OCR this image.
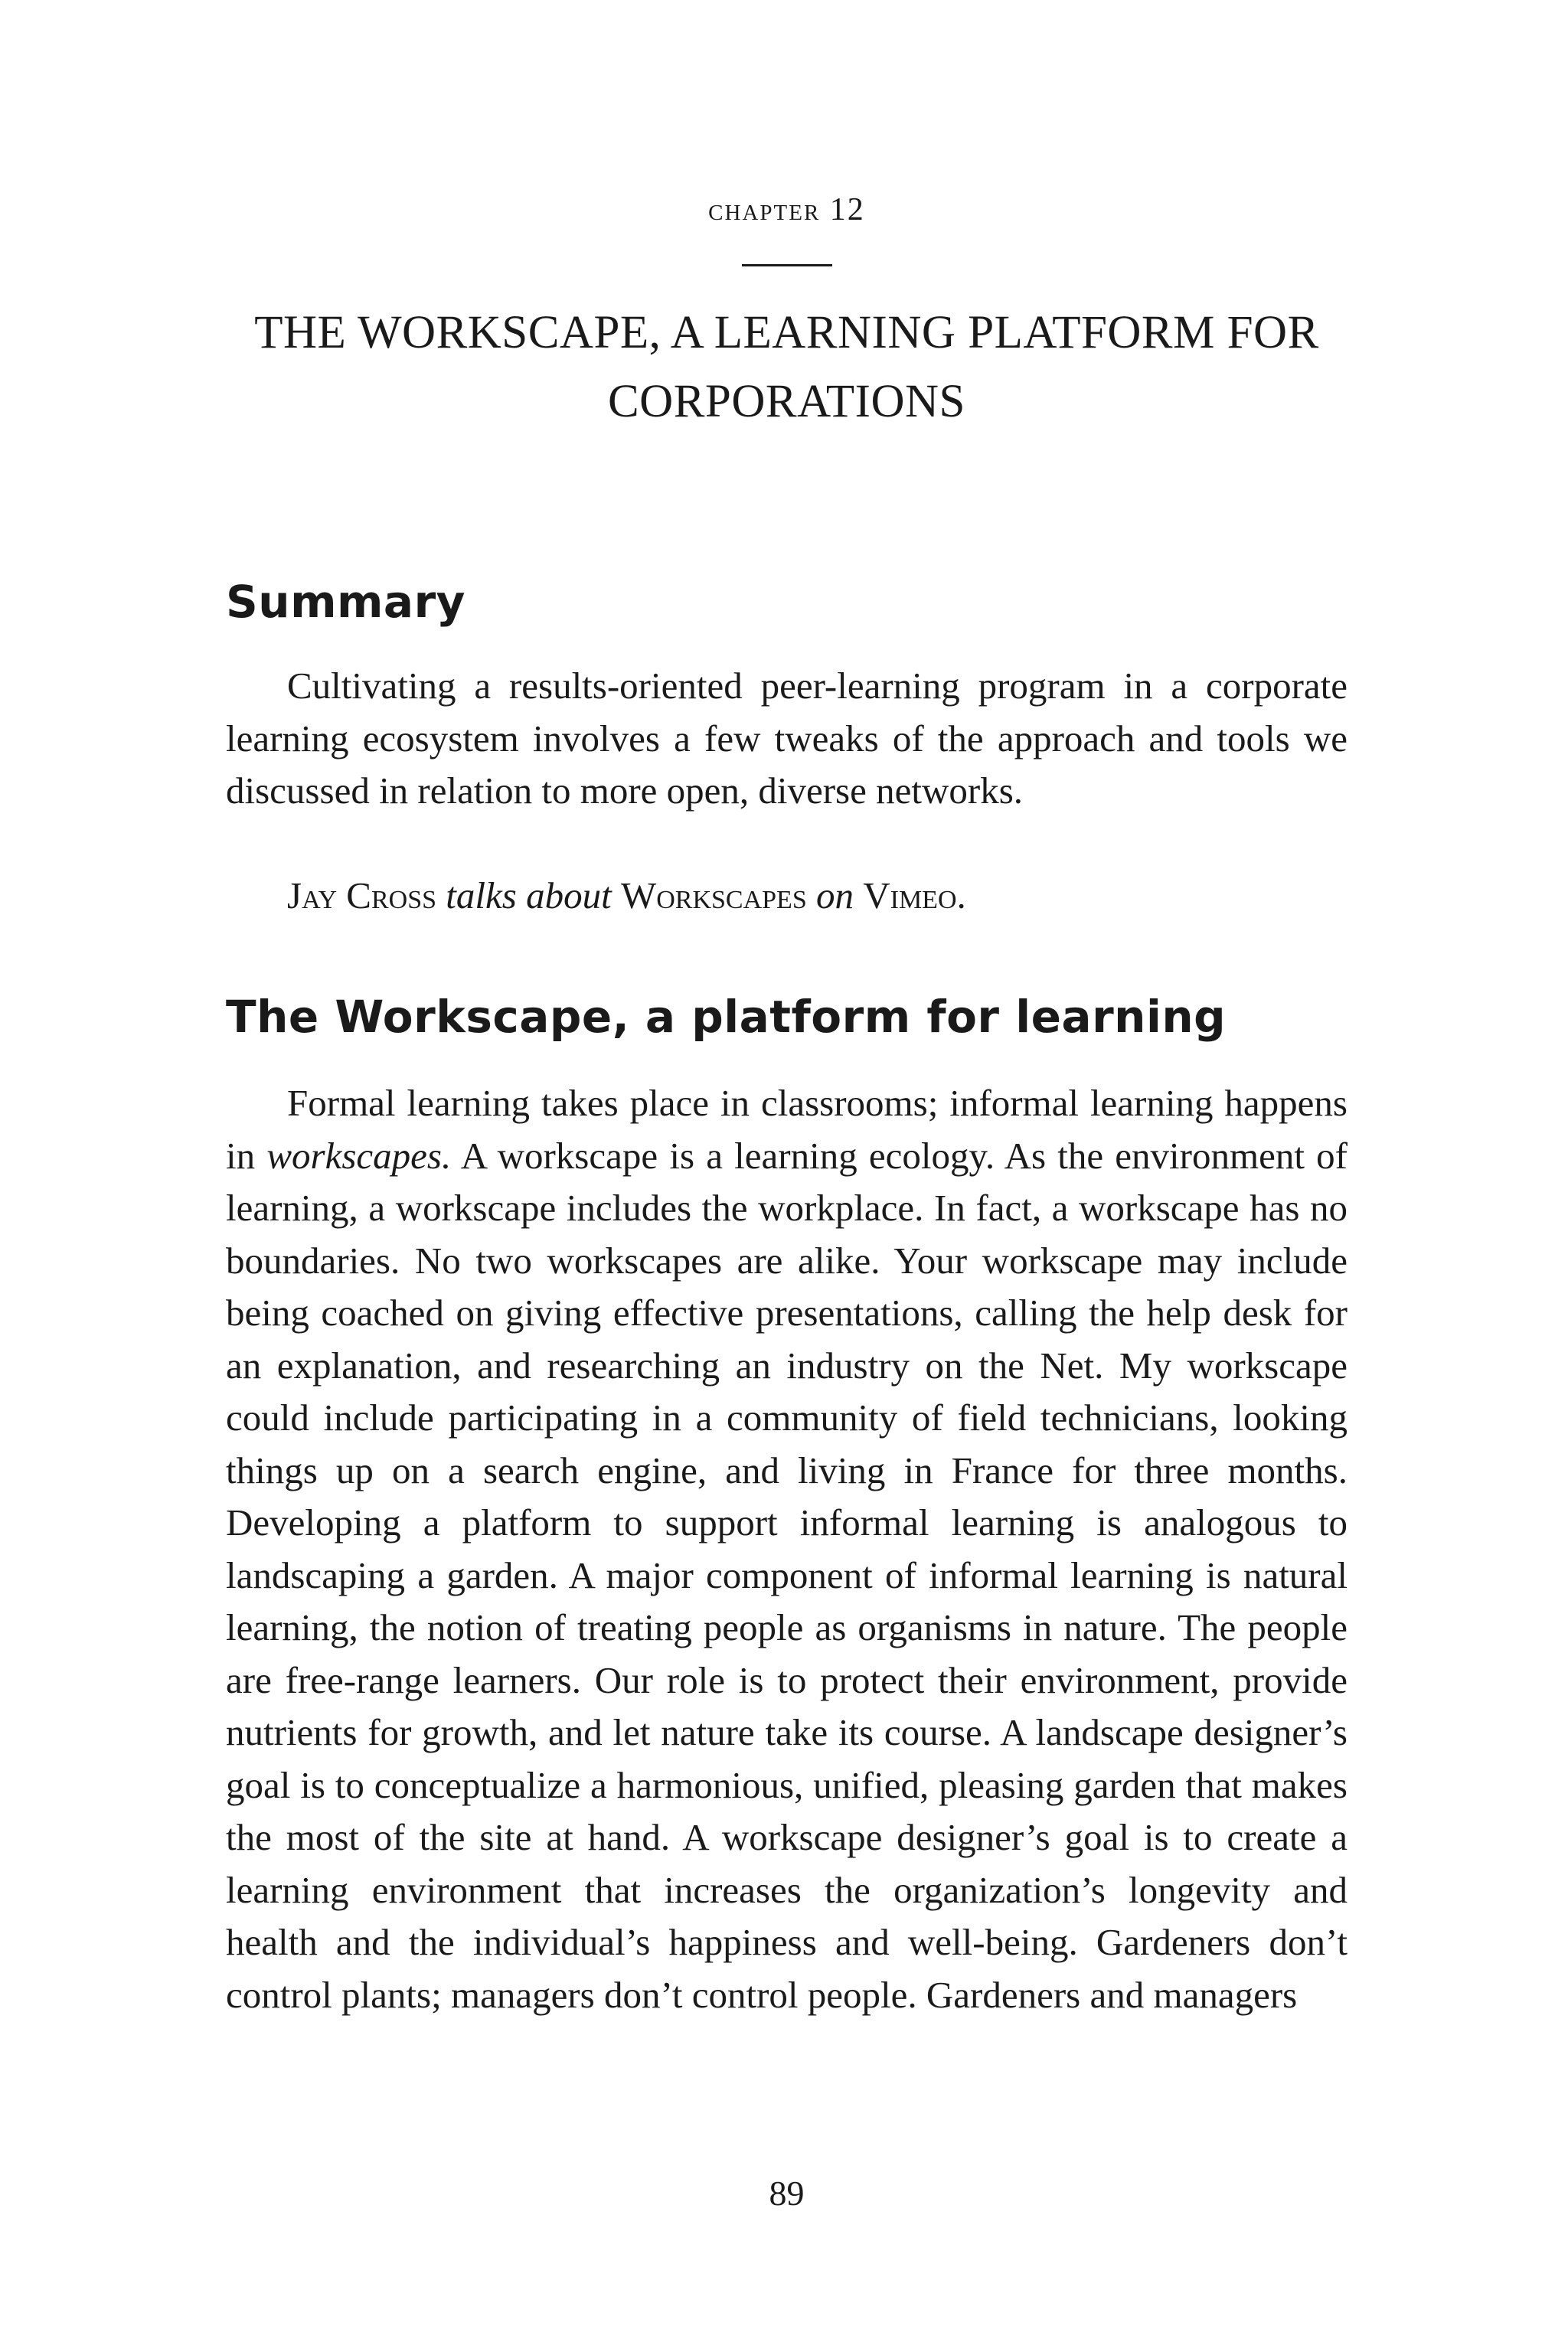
chapter 12
THE WORKSCAPE, A LEARNING PLATFORM FOR
CORPORATIONS
Summary

Cultivating a results-oriented peer-learning program in a corporate learning ecosystem involves a few tweaks of the approach and tools we discussed in relation to more open, diverse networks.

Jay Cross talks about Workscapes on Vimeo.
The Workscape, a platform for learning

Formal learning takes place in classrooms; informal learning happens in workscapes. A workscape is a learning ecology. As the environment of learning, a workscape includes the workplace. In fact, a workscape has no boundaries. No two workscapes are alike. Your workscape may include being coached on giving effective presentations, calling the help desk for an explanation, and researching an industry on the Net. My workscape could include participating in a community of field technicians, looking things up on a search engine, and living in France for three months. Developing a platform to support informal learning is analogous to landscaping a garden. A major component of informal learning is natural learning, the notion of treating people as organisms in nature. The people are free-range learners. Our role is to protect their environment, provide nutrients for growth, and let nature take its course. A landscape designer’s goal is to conceptualize a harmonious, unified, pleasing garden that makes the most of the site at hand. A workscape designer’s goal is to create a learning environment that increases the organization’s longevity and health and the individual’s happiness and well-being. Gardeners don’t control plants; managers don’t control people. Gardeners and managers

89
